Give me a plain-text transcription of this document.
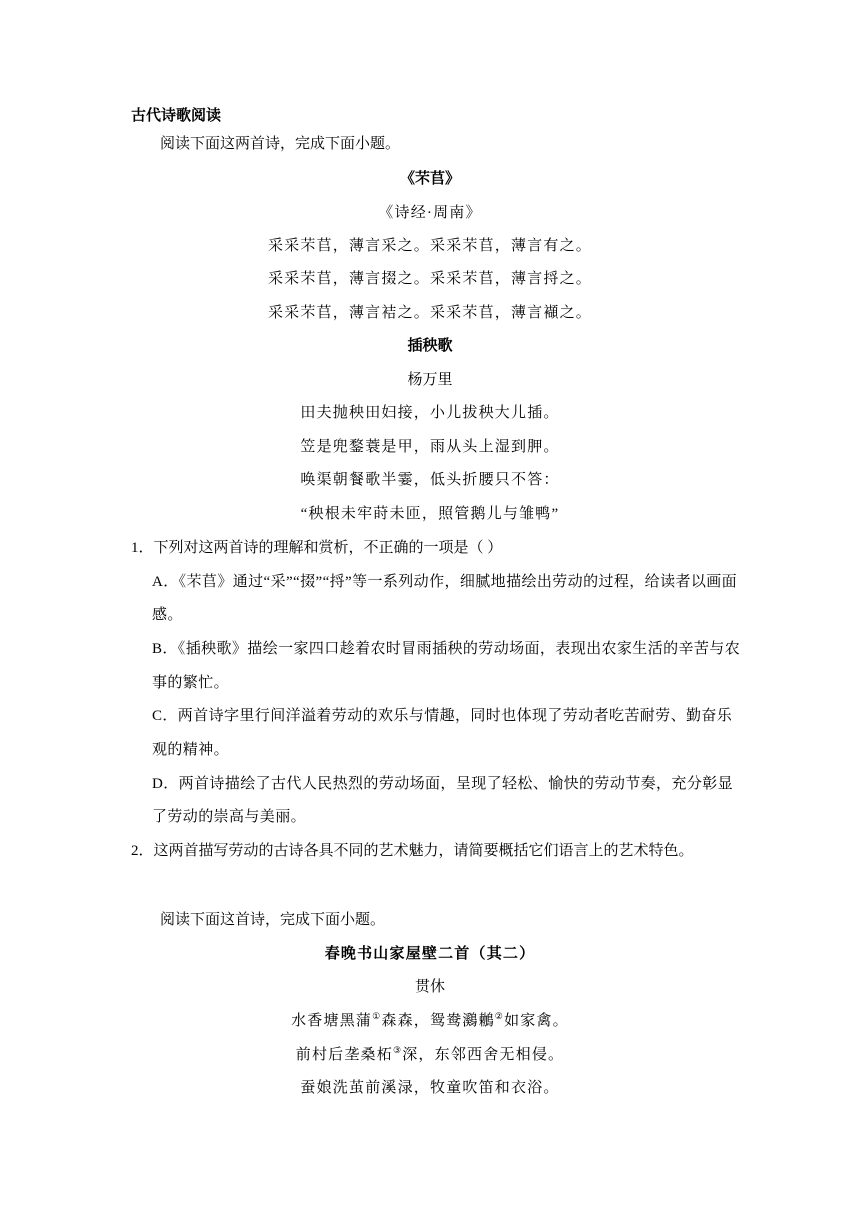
古代诗歌阅读
阅读下面这两首诗，完成下面小题。
《芣苢》
《诗经·周南》
采采芣苢，薄言采之。采采芣苢，薄言有之。
采采芣苢，薄言掇之。采采芣苢，薄言捋之。
采采芣苢，薄言袺之。采采芣苢，薄言襭之。
插秧歌
杨万里
田夫抛秧田妇接，小儿拔秧大儿插。
笠是兜鍪蓑是甲，雨从头上湿到胛。
唤渠朝餐歌半霎，低头折腰只不答：
“秧根未牢莳未匝，照管鹅儿与雏鸭”
1．下列对这两首诗的理解和赏析，不正确的一项是（ ）
A．《芣苢》通过“采”“掇”“捋”等一系列动作，细腻地描绘出劳动的过程，给读者以画面
感。
B．《插秧歌》描绘一家四口趁着农时冒雨插秧的劳动场面，表现出农家生活的辛苦与农
事的繁忙。
C．两首诗字里行间洋溢着劳动的欢乐与情趣，同时也体现了劳动者吃苦耐劳、勤奋乐
观的精神。
D．两首诗描绘了古代人民热烈的劳动场面，呈现了轻松、愉快的劳动节奏，充分彰显
了劳动的崇高与美丽。
2．这两首描写劳动的古诗各具不同的艺术魅力，请简要概括它们语言上的艺术特色。
阅读下面这首诗，完成下面小题。
春晚书山家屋壁二首（其二）
贯休
水香塘黑蒲①森森，鸳鸯鸂鶒②如家禽。
前村后垄桑柘③深，东邻西舍无相侵。
蚕娘洗茧前溪渌，牧童吹笛和衣浴。
